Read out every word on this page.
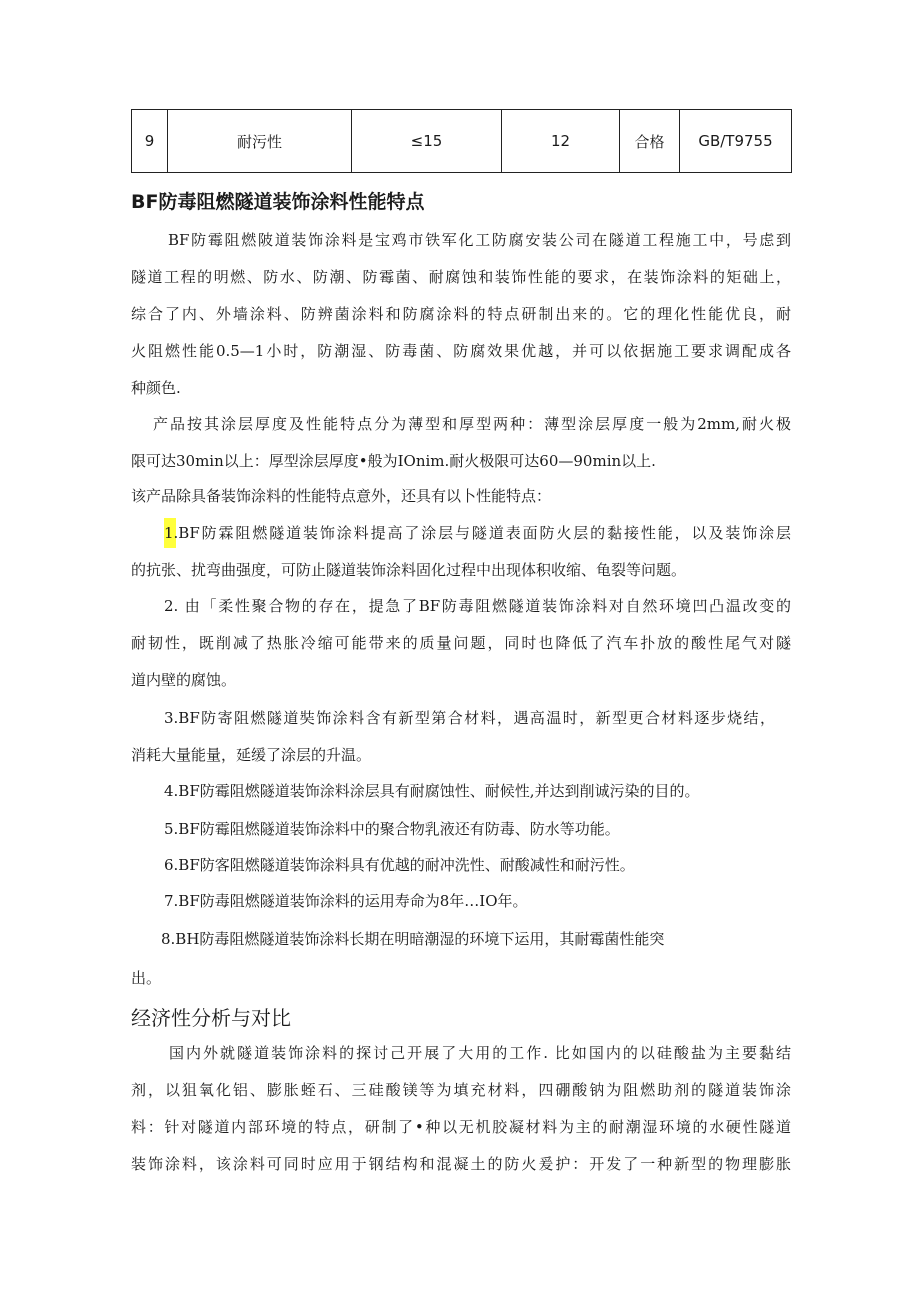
9	耐污性	≤15	12	合格	GB/T9755
BF防毒阻燃隧道装饰涂料性能特点
BF防霉阻燃陂道装饰涂料是宝鸡市铁军化工防腐安装公司在隧道工程施工中，号虑到
隧道工程的明燃、防水、防潮、防霉菌、耐腐蚀和装饰性能的要求，在装饰涂料的矩础上，
综合了内、外墙涂料、防辨菌涂料和防腐涂料的特点研制出来的。它的理化性能优良，耐
火阻燃性能0.5—1小时，防潮湿、防毒菌、防腐效果优越，并可以依据施工要求调配成各
种颜色.
产品按其涂层厚度及性能特点分为薄型和厚型两种：薄型涂层厚度一般为2mm,耐火极
限可达30min以上：厚型涂层厚度•般为IOnim.耐火极限可达60—90min以上.
该产品除具备装饰涂料的性能特点意外，还具有以卜性能特点：
1.BF防霖阻燃隧道装饰涂料提高了涂层与隧道表面防火层的黏接性能，以及装饰涂层
的抗张、扰弯曲强度，可防止隧道装饰涂料固化过程中出现体积收缩、龟裂等问题。
2. 由「柔性聚合物的存在，提急了BF防毒阻燃隧道装饰涂料对自然环境凹凸温改变的
耐韧性，既削减了热胀冷缩可能带来的质量问题，同时也降低了汽车扑放的酸性尾气对隧
道内壁的腐蚀。
3.BF防寄阻燃隧道奘饰涂料含有新型第合材料，遇高温时，新型更合材料逐步烧结，
消耗大量能量，延缓了涂层的升温。
4.BF防霉阻燃隧道装饰涂料涂层具有耐腐蚀性、耐候性,并达到削诚污染的目的。
5.BF防霉阻燃隧道装饰涂料中的聚合物乳液还有防毒、防水等功能。
6.BF防客阻燃隧道装饰涂料具有优越的耐冲洗性、耐酸减性和耐污性。
7.BF防毒阻燃隧道装饰涂料的运用寿命为8年…IO年。
8.BH防毒阻燃隧道装饰涂料长期在明暗潮湿的环境下运用，其耐霉菌性能突
出。
经济性分析与对比
国内外就隧道装饰涂料的探讨己开展了大用的工作. 比如国内的以硅酸盐为主要黏结
剂，以狙氧化铝、膨胀蛭石、三硅酸镁等为填充材料，四硼酸钠为阻燃助剂的隧道装饰涂
料：针对隧道内部环境的特点，研制了•种以无机胶凝材料为主的耐潮湿环境的水硬性隧道
装饰涂料，该涂料可同时应用于钢结构和混凝土的防火爰护：开发了一种新型的物理膨胀
